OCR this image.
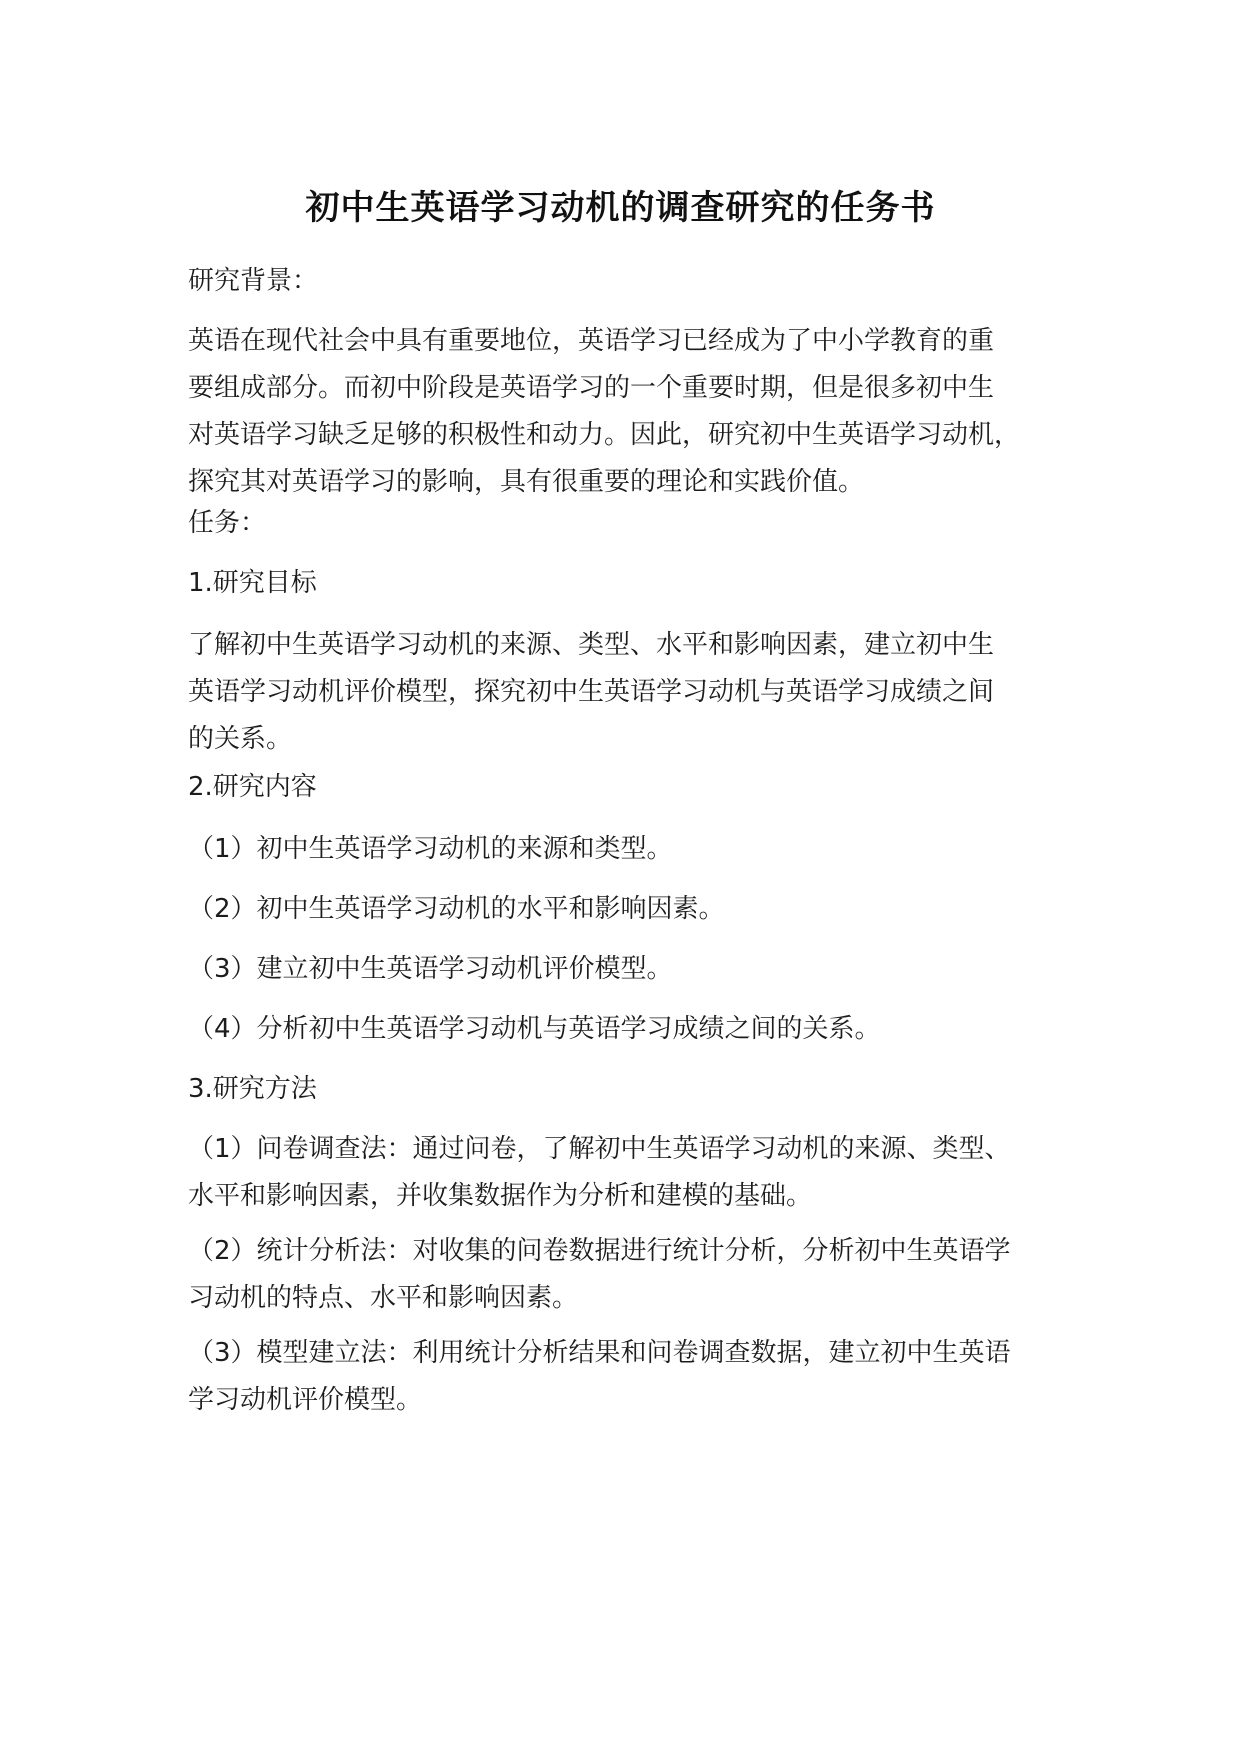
初中生英语学习动机的调查研究的任务书
研究背景：
英语在现代社会中具有重要地位，英语学习已经成为了中小学教育的重
要组成部分。而初中阶段是英语学习的一个重要时期，但是很多初中生
对英语学习缺乏足够的积极性和动力。因此，研究初中生英语学习动机，
探究其对英语学习的影响，具有很重要的理论和实践价值。
任务：
1.研究目标
了解初中生英语学习动机的来源、类型、水平和影响因素，建立初中生
英语学习动机评价模型，探究初中生英语学习动机与英语学习成绩之间
的关系。
2.研究内容
（1）初中生英语学习动机的来源和类型。
（2）初中生英语学习动机的水平和影响因素。
（3）建立初中生英语学习动机评价模型。
（4）分析初中生英语学习动机与英语学习成绩之间的关系。
3.研究方法
（1）问卷调查法：通过问卷，了解初中生英语学习动机的来源、类型、
水平和影响因素，并收集数据作为分析和建模的基础。
（2）统计分析法：对收集的问卷数据进行统计分析，分析初中生英语学
习动机的特点、水平和影响因素。
（3）模型建立法：利用统计分析结果和问卷调查数据，建立初中生英语
学习动机评价模型。
